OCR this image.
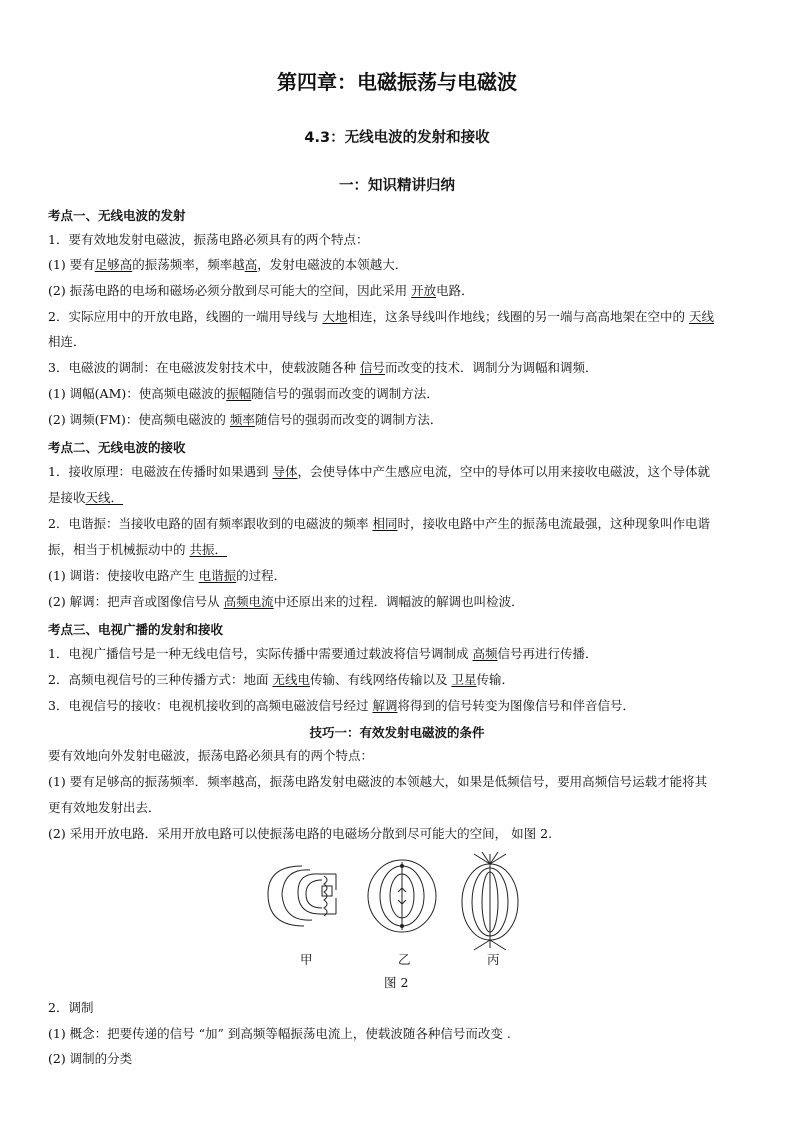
第四章：电磁振荡与电磁波
4.3：无线电波的发射和接收
一：知识精讲归纳
考点一、无线电波的发射
1．要有效地发射电磁波，振荡电路必须具有的两个特点：
(1) 要有足够高的振荡频率，频率越高，发射电磁波的本领越大．
(2) 振荡电路的电场和磁场必须分散到尽可能大的空间，因此采用 开放电路．
2．实际应用中的开放电路，线圈的一端用导线与 大地相连，这条导线叫作地线；线圈的另一端与高高地架在空中的 天线
相连．
3．电磁波的调制：在电磁波发射技术中，使载波随各种 信号而改变的技术．调制分为调幅和调频．
(1) 调幅(AM)：使高频电磁波的振幅随信号的强弱而改变的调制方法．
(2) 调频(FM)：使高频电磁波的 频率随信号的强弱而改变的调制方法．
考点二、无线电波的接收
1．接收原理：电磁波在传播时如果遇到 导体，会使导体中产生感应电流，空中的导体可以用来接收电磁波，这个导体就
是接收天线．
2．电谐振：当接收电路的固有频率跟收到的电磁波的频率 相同时，接收电路中产生的振荡电流最强，这种现象叫作电谐
振，相当于机械振动中的 共振．
(1) 调谐：使接收电路产生 电谐振的过程．
(2) 解调：把声音或图像信号从 高频电流中还原出来的过程．调幅波的解调也叫检波．
考点三、电视广播的发射和接收
1．电视广播信号是一种无线电信号，实际传播中需要通过载波将信号调制成 高频信号再进行传播．
2．高频电视信号的三种传播方式：地面 无线电传输、有线网络传输以及 卫星传输．
3．电视信号的接收：电视机接收到的高频电磁波信号经过 解调将得到的信号转变为图像信号和伴音信号．
技巧一：有效发射电磁波的条件
要有效地向外发射电磁波，振荡电路必须具有的两个特点：
(1) 要有足够高的振荡频率．频率越高，振荡电路发射电磁波的本领越大，如果是低频信号，要用高频信号运载才能将其
更有效地发射出去．
(2) 采用开放电路．采用开放电路可以使振荡电路的电磁场分散到尽可能大的空间， 如图 2.
甲	乙	丙
图 2
2．调制
(1) 概念：把要传递的信号 “加” 到高频等幅振荡电流上，使载波随各种信号而改变 .
(2) 调制的分类
